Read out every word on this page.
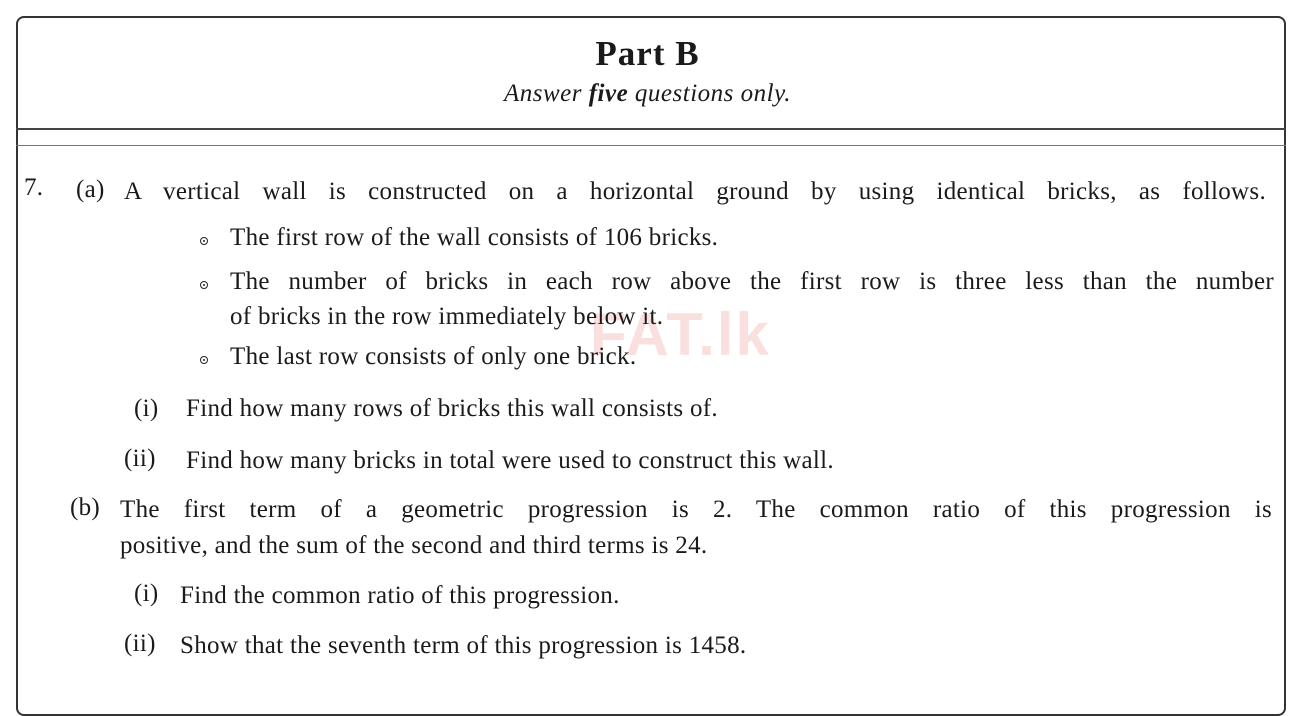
Part B
Answer five questions only.
FAT.lk
7. (a) A vertical wall is constructed on a horizontal ground by using identical bricks, as follows.
The first row of the wall consists of 106 bricks.
The number of bricks in each row above the first row is three less than the number
of bricks in the row immediately below it.
The last row consists of only one brick.
(i) Find how many rows of bricks this wall consists of.
(ii) Find how many bricks in total were used to construct this wall.
(b) The first term of a geometric progression is 2. The common ratio of this progression is
positive, and the sum of the second and third terms is 24.
(i) Find the common ratio of this progression.
(ii) Show that the seventh term of this progression is 1458.
